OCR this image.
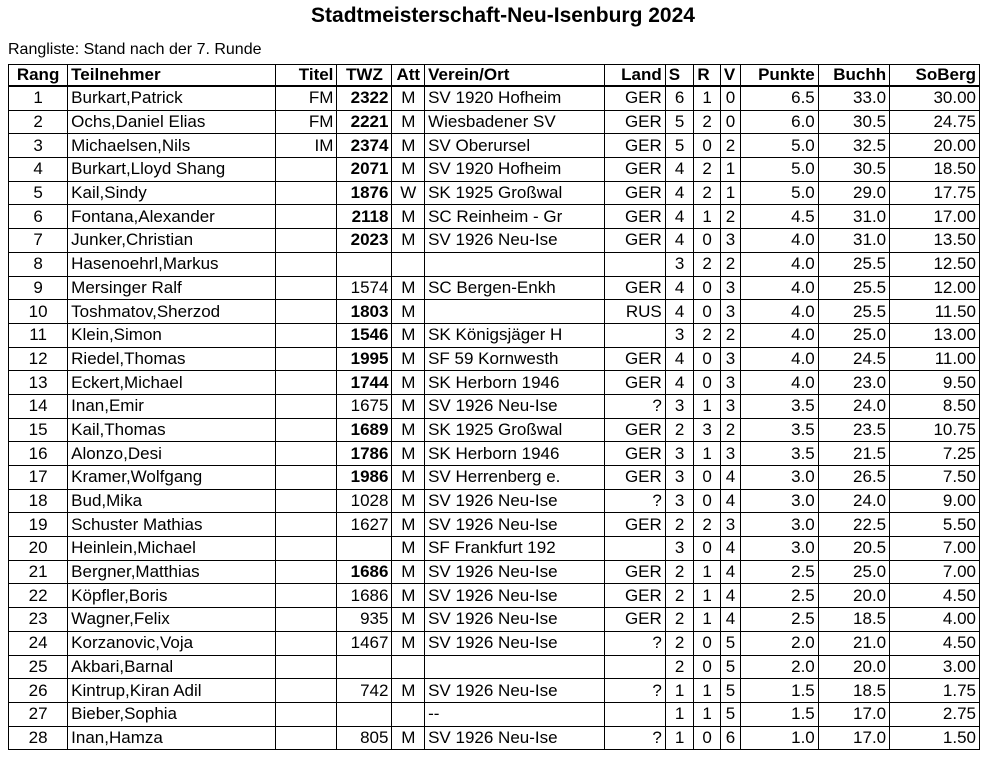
Stadtmeisterschaft-Neu-Isenburg 2024
Rangliste: Stand nach der 7. Runde
Rang	Teilnehmer	Titel	TWZ	Att	Verein/Ort	Land	S	R	V	Punkte	Buchh	SoBerg
1	Burkart,Patrick	FM	2322	M	SV 1920 Hofheim	GER	6	1	0	6.5	33.0	30.00
2	Ochs,Daniel Elias	FM	2221	M	Wiesbadener SV	GER	5	2	0	6.0	30.5	24.75
3	Michaelsen,Nils	IM	2374	M	SV Oberursel	GER	5	0	2	5.0	32.5	20.00
4	Burkart,Lloyd Shang		2071	M	SV 1920 Hofheim	GER	4	2	1	5.0	30.5	18.50
5	Kail,Sindy		1876	W	SK 1925 Großwal	GER	4	2	1	5.0	29.0	17.75
6	Fontana,Alexander		2118	M	SC Reinheim - Gr	GER	4	1	2	4.5	31.0	17.00
7	Junker,Christian		2023	M	SV 1926 Neu-Ise	GER	4	0	3	4.0	31.0	13.50
8	Hasenoehrl,Markus						3	2	2	4.0	25.5	12.50
9	Mersinger Ralf		1574	M	SC Bergen-Enkh	GER	4	0	3	4.0	25.5	12.00
10	Toshmatov,Sherzod		1803	M		RUS	4	0	3	4.0	25.5	11.50
11	Klein,Simon		1546	M	SK Königsjäger H		3	2	2	4.0	25.0	13.00
12	Riedel,Thomas		1995	M	SF 59 Kornwesth	GER	4	0	3	4.0	24.5	11.00
13	Eckert,Michael		1744	M	SK Herborn 1946	GER	4	0	3	4.0	23.0	9.50
14	Inan,Emir		1675	M	SV 1926 Neu-Ise	?	3	1	3	3.5	24.0	8.50
15	Kail,Thomas		1689	M	SK 1925 Großwal	GER	2	3	2	3.5	23.5	10.75
16	Alonzo,Desi		1786	M	SK Herborn 1946	GER	3	1	3	3.5	21.5	7.25
17	Kramer,Wolfgang		1986	M	SV Herrenberg e.	GER	3	0	4	3.0	26.5	7.50
18	Bud,Mika		1028	M	SV 1926 Neu-Ise	?	3	0	4	3.0	24.0	9.00
19	Schuster Mathias		1627	M	SV 1926 Neu-Ise	GER	2	2	3	3.0	22.5	5.50
20	Heinlein,Michael			M	SF Frankfurt 192		3	0	4	3.0	20.5	7.00
21	Bergner,Matthias		1686	M	SV 1926 Neu-Ise	GER	2	1	4	2.5	25.0	7.00
22	Köpfler,Boris		1686	M	SV 1926 Neu-Ise	GER	2	1	4	2.5	20.0	4.50
23	Wagner,Felix		935	M	SV 1926 Neu-Ise	GER	2	1	4	2.5	18.5	4.00
24	Korzanovic,Voja		1467	M	SV 1926 Neu-Ise	?	2	0	5	2.0	21.0	4.50
25	Akbari,Barnal						2	0	5	2.0	20.0	3.00
26	Kintrup,Kiran Adil		742	M	SV 1926 Neu-Ise	?	1	1	5	1.5	18.5	1.75
27	Bieber,Sophia				--		1	1	5	1.5	17.0	2.75
28	Inan,Hamza		805	M	SV 1926 Neu-Ise	?	1	0	6	1.0	17.0	1.50
